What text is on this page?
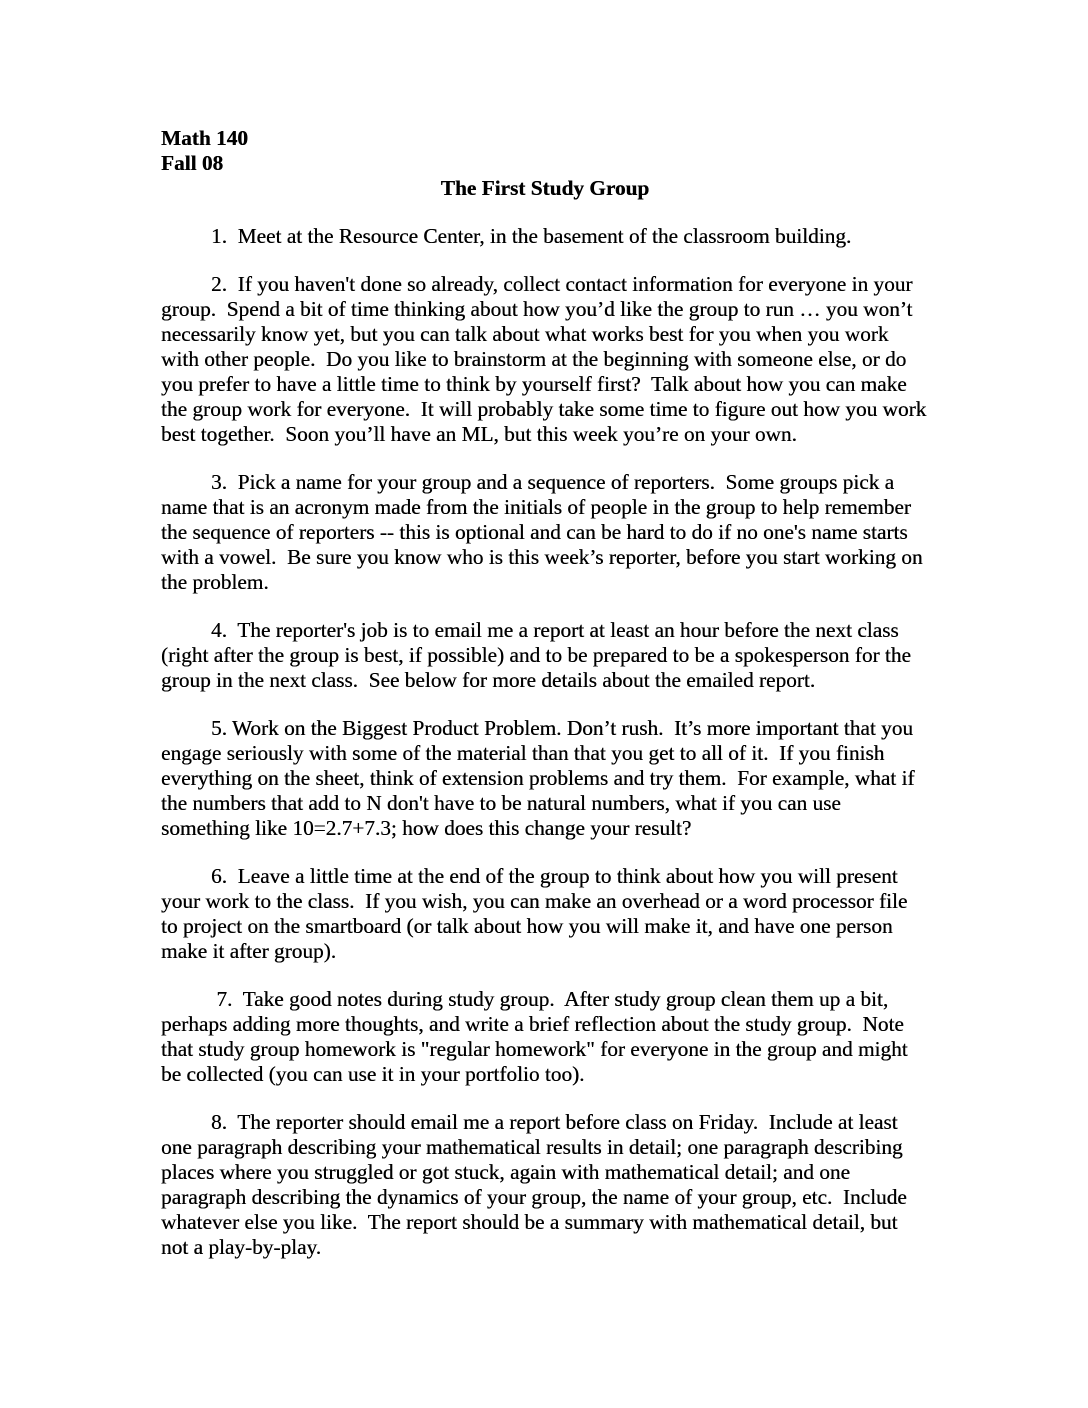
Math 140

Fall 08

The First Study Group

1.  Meet at the Resource Center, in the basement of the classroom building.

2.  If you haven't done so already, collect contact information for everyone in your group.  Spend a bit of time thinking about how you’d like the group to run … you won’t necessarily know yet, but you can talk about what works best for you when you work with other people.  Do you like to brainstorm at the beginning with someone else, or do you prefer to have a little time to think by yourself first?  Talk about how you can make the group work for everyone.  It will probably take some time to figure out how you work best together.  Soon you’ll have an ML, but this week you’re on your own.

3.  Pick a name for your group and a sequence of reporters.  Some groups pick a name that is an acronym made from the initials of people in the group to help remember the sequence of reporters -- this is optional and can be hard to do if no one's name starts with a vowel.  Be sure you know who is this week’s reporter, before you start working on the problem.

4.  The reporter's job is to email me a report at least an hour before the next class (right after the group is best, if possible) and to be prepared to be a spokesperson for the group in the next class.  See below for more details about the emailed report.

5. Work on the Biggest Product Problem. Don’t rush.  It’s more important that you engage seriously with some of the material than that you get to all of it.  If you finish everything on the sheet, think of extension problems and try them.  For example, what if the numbers that add to N don't have to be natural numbers, what if you can use something like 10=2.7+7.3; how does this change your result?

6.  Leave a little time at the end of the group to think about how you will present your work to the class.  If you wish, you can make an overhead or a word processor file to project on the smartboard (or talk about how you will make it, and have one person make it after group).

7.  Take good notes during study group.  After study group clean them up a bit, perhaps adding more thoughts, and write a brief reflection about the study group.  Note that study group homework is "regular homework" for everyone in the group and might be collected (you can use it in your portfolio too).

8.  The reporter should email me a report before class on Friday.  Include at least one paragraph describing your mathematical results in detail; one paragraph describing places where you struggled or got stuck, again with mathematical detail; and one paragraph describing the dynamics of your group, the name of your group, etc.  Include whatever else you like.  The report should be a summary with mathematical detail, but not a play-by-play.
